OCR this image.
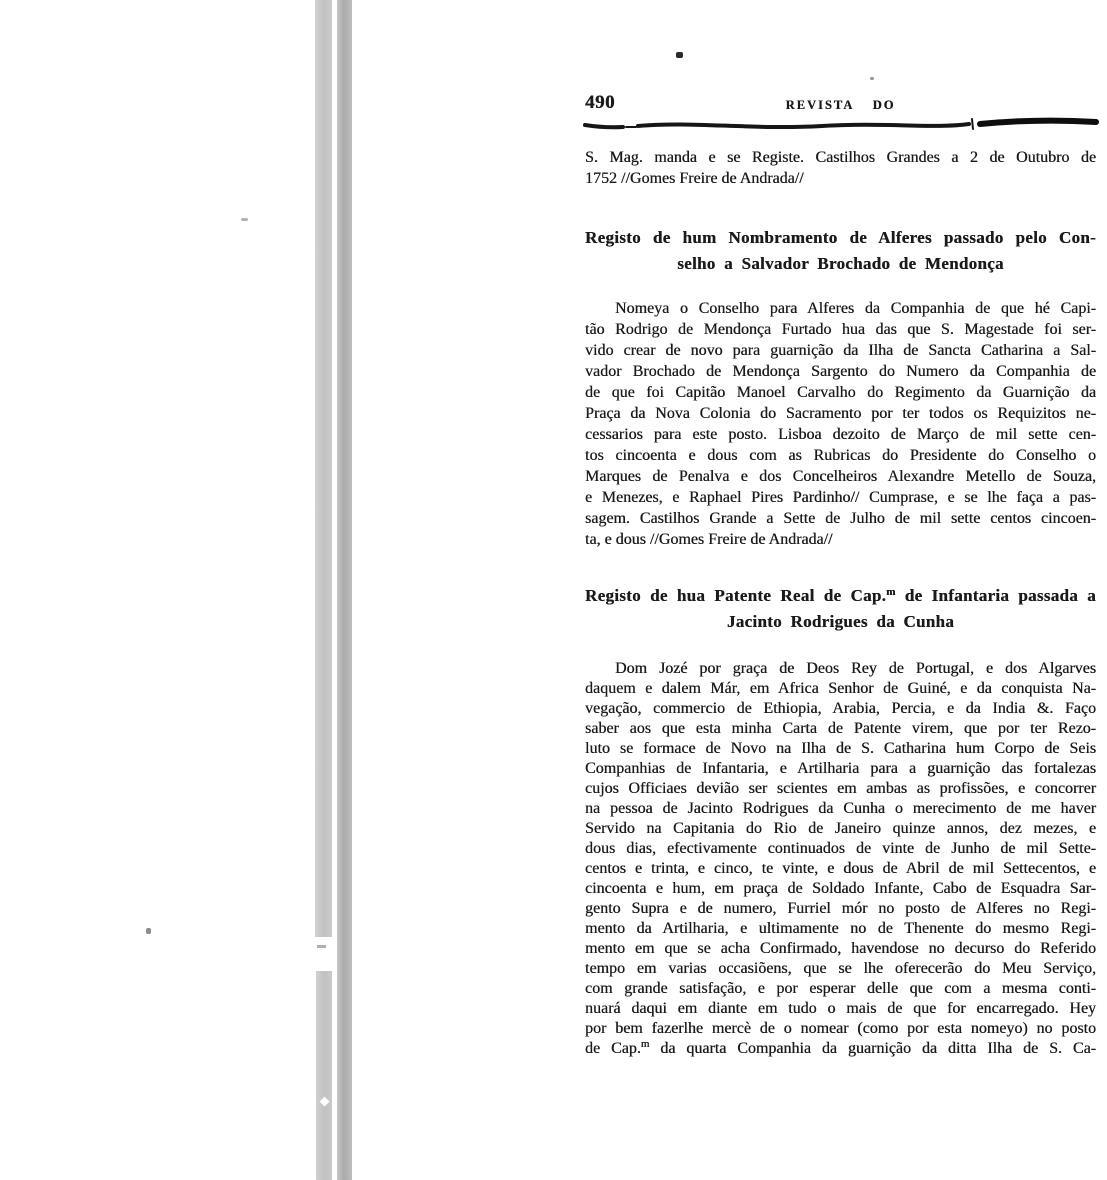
490	REVISTA DO
S. Mag. manda e se Registe. Castilhos Grandes a 2 de Outubro de
1752 //Gomes Freire de Andrada//
Registo de hum Nombramento de Alferes passado pelo Con-
selho a Salvador Brochado de Mendonça
Nomeya o Conselho para Alferes da Companhia de que hé Capi-
tão Rodrigo de Mendonça Furtado hua das que S. Magestade foi ser-
vido crear de novo para guarnição da Ilha de Sancta Catharina a Sal-
vador Brochado de Mendonça Sargento do Numero da Companhia de
de que foi Capitão Manoel Carvalho do Regimento da Guarnição da
Praça da Nova Colonia do Sacramento por ter todos os Requizitos ne-
cessarios para este posto. Lisboa dezoito de Março de mil sette cen-
tos cincoenta e dous com as Rubricas do Presidente do Conselho o
Marques de Penalva e dos Concelheiros Alexandre Metello de Souza,
e Menezes, e Raphael Pires Pardinho// Cumprase, e se lhe faça a pas-
sagem. Castilhos Grande a Sette de Julho de mil sette centos cincoen-
ta, e dous //Gomes Freire de Andrada//
Registo de hua Patente Real de Cap.$^m$ de Infantaria passada a
Jacinto Rodrigues da Cunha
Dom Jozé por graça de Deos Rey de Portugal, e dos Algarves
daquem e dalem Már, em Africa Senhor de Guiné, e da conquista Na-
vegação, commercio de Ethiopia, Arabia, Percia, e da India &. Faço
saber aos que esta minha Carta de Patente virem, que por ter Rezo-
luto se formace de Novo na Ilha de S. Catharina hum Corpo de Seis
Companhias de Infantaria, e Artilharia para a guarnição das fortalezas
cujos Officiaes devião ser scientes em ambas as profissões, e concorrer
na pessoa de Jacinto Rodrigues da Cunha o merecimento de me haver
Servido na Capitania do Rio de Janeiro quinze annos, dez mezes, e
dous dias, efectivamente continuados de vinte de Junho de mil Sette-
centos e trinta, e cinco, te vinte, e dous de Abril de mil Settecentos, e
cincoenta e hum, em praça de Soldado Infante, Cabo de Esquadra Sar-
gento Supra e de numero, Furriel mór no posto de Alferes no Regi-
mento da Artilharia, e ultimamente no de Thenente do mesmo Regi-
mento em que se acha Confirmado, havendose no decurso do Referido
tempo em varias occasiõens, que se lhe oferecerão do Meu Serviço,
com grande satisfação, e por esperar delle que com a mesma conti-
nuará daqui em diante em tudo o mais de que for encarregado. Hey
por bem fazerlhe mercè de o nomear (como por esta nomeyo) no posto
de Cap.$^m$ da quarta Companhia da guarnição da ditta Ilha de S. Ca-
